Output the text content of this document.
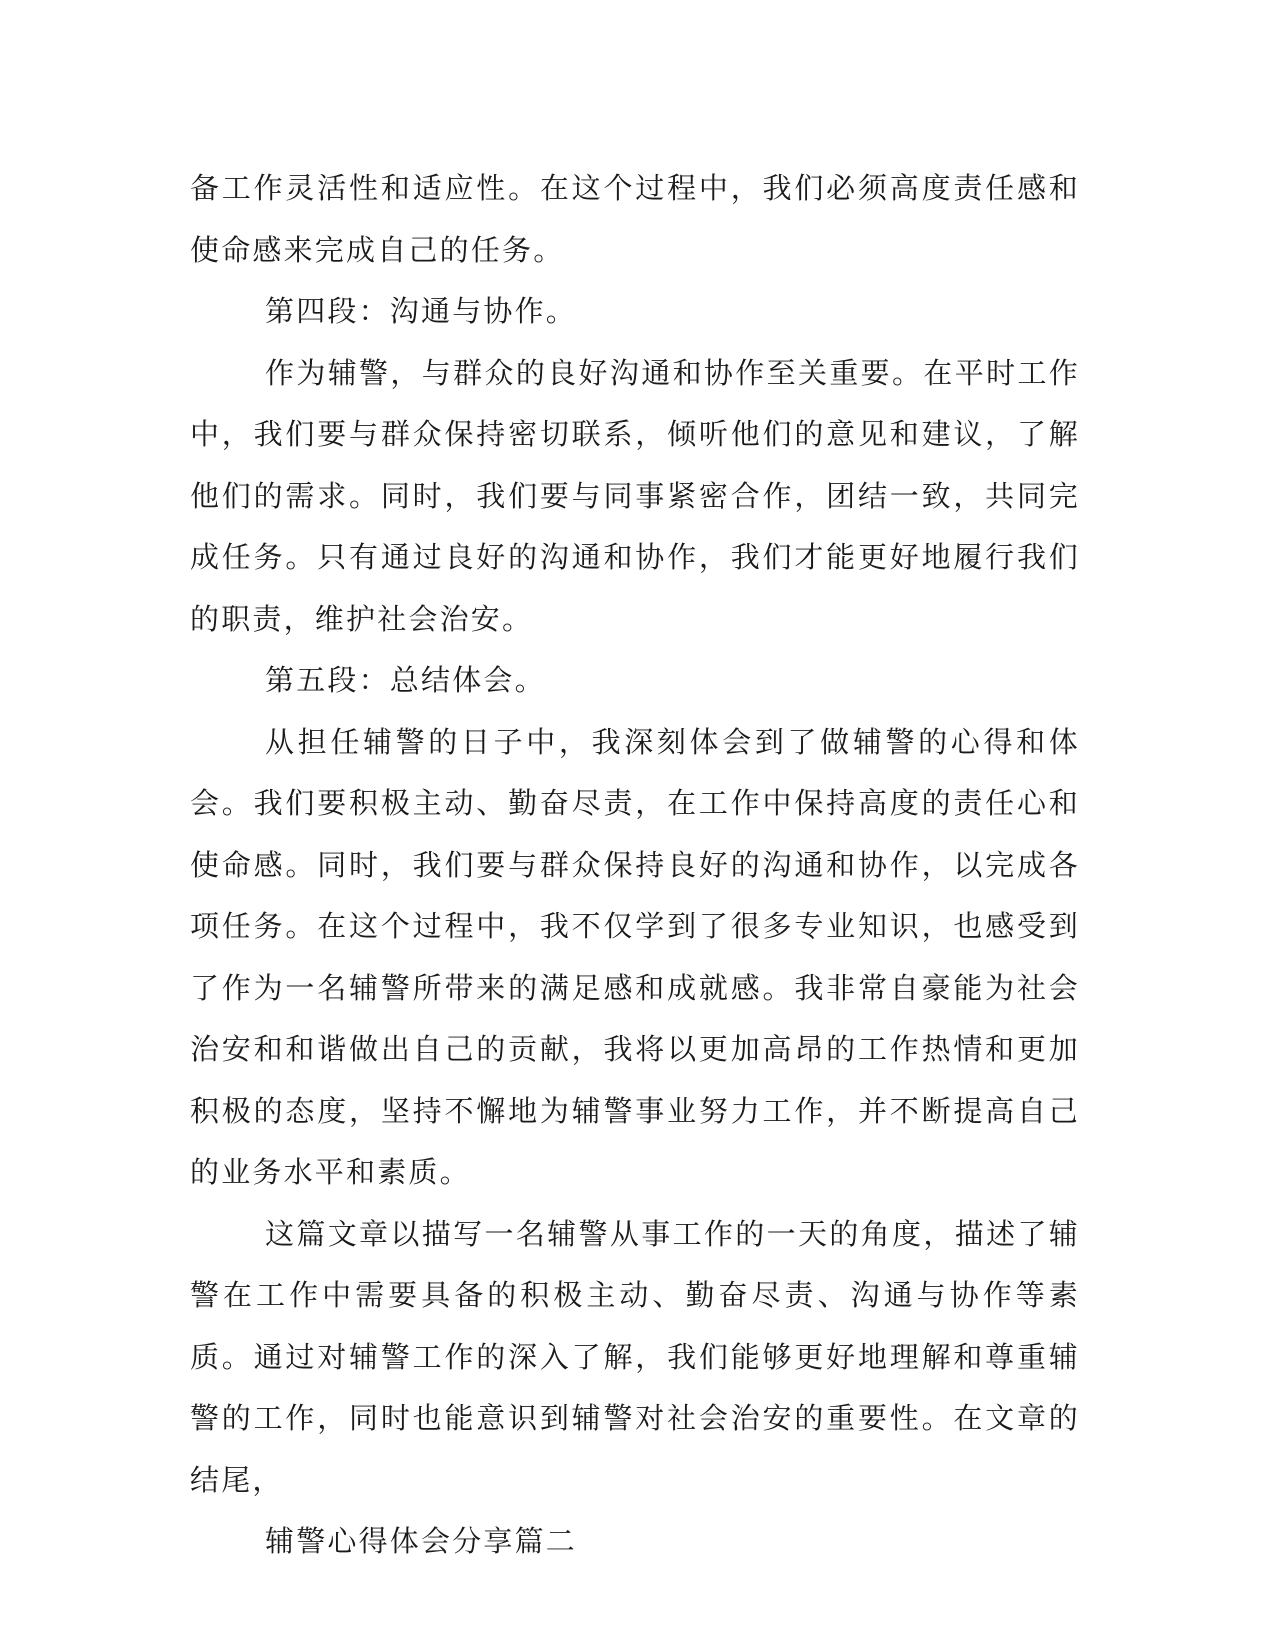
备工作灵活性和适应性。在这个过程中，我们必须高度责任感和使命感来完成自己的任务。

第四段：沟通与协作。

作为辅警，与群众的良好沟通和协作至关重要。在平时工作中，我们要与群众保持密切联系，倾听他们的意见和建议，了解他们的需求。同时，我们要与同事紧密合作，团结一致，共同完成任务。只有通过良好的沟通和协作，我们才能更好地履行我们的职责，维护社会治安。

第五段：总结体会。

从担任辅警的日子中，我深刻体会到了做辅警的心得和体会。我们要积极主动、勤奋尽责，在工作中保持高度的责任心和使命感。同时，我们要与群众保持良好的沟通和协作，以完成各项任务。在这个过程中，我不仅学到了很多专业知识，也感受到了作为一名辅警所带来的满足感和成就感。我非常自豪能为社会治安和和谐做出自己的贡献，我将以更加高昂的工作热情和更加积极的态度，坚持不懈地为辅警事业努力工作，并不断提高自己的业务水平和素质。

这篇文章以描写一名辅警从事工作的一天的角度，描述了辅警在工作中需要具备的积极主动、勤奋尽责、沟通与协作等素质。通过对辅警工作的深入了解，我们能够更好地理解和尊重辅警的工作，同时也能意识到辅警对社会治安的重要性。在文章的结尾，

辅警心得体会分享篇二
